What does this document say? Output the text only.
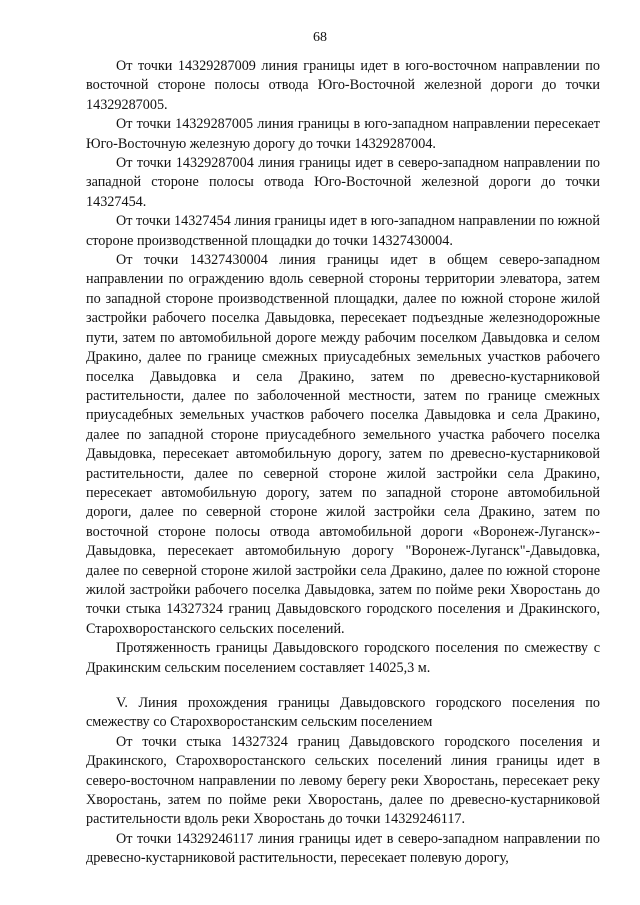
68

От точки 14329287009 линия границы идет в юго-восточном направлении по восточной стороне полосы отвода Юго-Восточной железной дороги до точки 14329287005.

От точки 14329287005 линия границы в юго-западном направлении пересекает Юго-Восточную железную дорогу до точки 14329287004.

От точки 14329287004 линия границы идет в северо-западном направлении по западной стороне полосы отвода Юго-Восточной железной дороги до точки 14327454.

От точки 14327454 линия границы идет в юго-западном направлении по южной стороне производственной площадки до точки 14327430004.

От точки 14327430004 линия границы идет в общем северо-западном направлении по ограждению вдоль северной стороны территории элеватора, затем по западной стороне производственной площадки, далее по южной стороне жилой застройки рабочего поселка Давыдовка, пересекает подъездные железнодорожные пути, затем по автомобильной дороге между рабочим поселком Давыдовка и селом Дракино, далее по границе смежных приусадебных земельных участков рабочего поселка Давыдовка и села Дракино, затем по древесно-кустарниковой растительности, далее по заболоченной местности, затем по границе смежных приусадебных земельных участков рабочего поселка Давыдовка и села Дракино, далее по западной стороне приусадебного земельного участка рабочего поселка Давыдовка, пересекает автомобильную дорогу, затем по древесно-кустарниковой растительности, далее по северной стороне жилой застройки села Дракино, пересекает автомобильную дорогу, затем по западной стороне автомобильной дороги, далее по северной стороне жилой застройки села Дракино, затем по восточной стороне полосы отвода автомобильной дороги «Воронеж-Луганск»-Давыдовка, пересекает автомобильную дорогу "Воронеж-Луганск"-Давыдовка, далее по северной стороне жилой застройки села Дракино, далее по южной стороне жилой застройки рабочего поселка Давыдовка, затем по пойме реки Хворостань до точки стыка 14327324 границ Давыдовского городского поселения и Дракинского, Старохворостанского сельских поселений.

Протяженность границы Давыдовского городского поселения по смежеству с Дракинским сельским поселением составляет 14025,3 м.

V. Линия прохождения границы Давыдовского городского поселения по смежеству со Старохворостанским сельским поселением

От точки стыка 14327324 границ Давыдовского городского поселения и Дракинского, Старохворостанского сельских поселений линия границы идет в северо-восточном направлении по левому берегу реки Хворостань, пересекает реку Хворостань, затем по пойме реки Хворостань, далее по древесно-кустарниковой растительности вдоль реки Хворостань до точки 14329246117.

От точки 14329246117 линия границы идет в северо-западном направлении по древесно-кустарниковой растительности, пересекает полевую дорогу,
